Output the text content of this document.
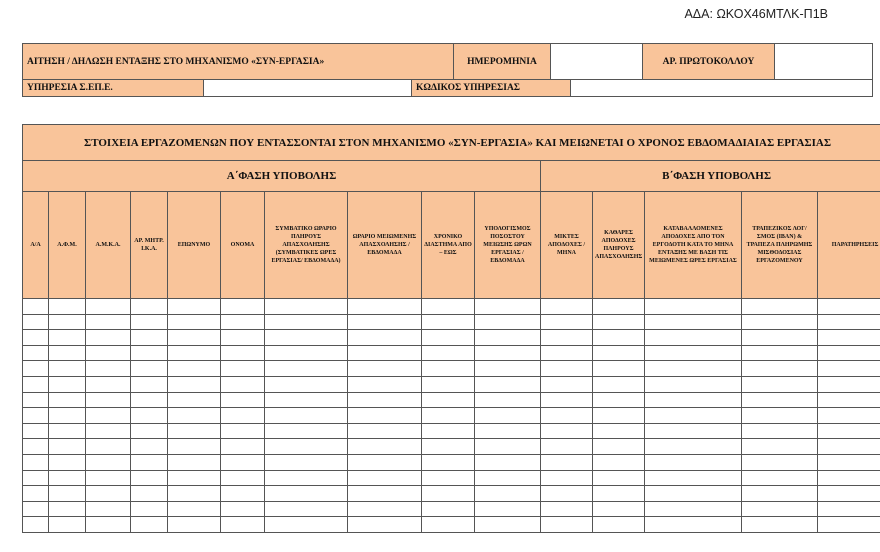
ΑΔΑ: ΩΚΟΧ46ΜΤΛΚ-Π1Β
ΑΙΤΗΣΗ / ΔΗΛΩΣΗ ΕΝΤΑΞΗΣ ΣΤΟ ΜΗΧΑΝΙΣΜΟ «ΣΥΝ-ΕΡΓΑΣΙΑ»	ΗΜΕΡΟΜΗΝΙΑ		ΑΡ. ΠΡΩΤΟΚΟΛΛΟΥ	
ΥΠΗΡΕΣΙΑ Σ.ΕΠ.Ε.		ΚΩΔΙΚΟΣ ΥΠΗΡΕΣΙΑΣ	
ΣΤΟΙΧΕΙΑ ΕΡΓΑΖΟΜΕΝΩΝ ΠΟΥ ΕΝΤΑΣΣΟΝΤΑΙ ΣΤΟΝ ΜΗΧΑΝΙΣΜΟ «ΣΥΝ-ΕΡΓΑΣΙΑ» ΚΑΙ ΜΕΙΩΝΕΤΑΙ Ο ΧΡΟΝΟΣ ΕΒΔΟΜΑΔΙΑΙΑΣ ΕΡΓΑΣΙΑΣ														
Α΄ΦΑΣΗ ΥΠΟΒΟΛΗΣ										Β΄ΦΑΣΗ ΥΠΟΒΟΛΗΣ				
Α/Α	Α.Φ.Μ.	Α.Μ.Κ.Α.	ΑΡ. ΜΗΤΡ. Ι.Κ.Α.	ΕΠΩΝΥΜΟ	ΟΝΟΜΑ	ΣΥΜΒΑΤΙΚΟ ΩΡΑΡΙΟ ΠΛΗΡΟΥΣ ΑΠΑΣΧΟΛΗΣΗΣ (ΣΥΜΒΑΤΙΚΕΣ ΩΡΕΣ ΕΡΓΑΣΙΑΣ/ ΕΒΔΟΜΑΔΑ)	ΩΡΑΡΙΟ ΜΕΙΩΜΕΝΗΣ ΑΠΑΣΧΟΛΗΣΗΣ / ΕΒΔΟΜΑΔΑ	ΧΡΟΝΙΚΟ ΔΙΑΣΤΗΜΑ ΑΠΟ – ΕΩΣ	ΥΠΟΛΟΓΙΣΜΟΣ ΠΟΣΟΣΤΟΥ ΜΕΙΩΣΗΣ ΩΡΩΝ ΕΡΓΑΣΙΑΣ / ΕΒΔΟΜΑΔΑ	ΜΙΚΤΕΣ ΑΠΟΔΟΧΕΣ / ΜΗΝΑ	ΚΑΘΑΡΕΣ ΑΠΟΔΟΧΕΣ ΠΛΗΡΟΥΣ ΑΠΑΣΧΟΛΗΣΗΣ	ΚΑΤΑΒΑΛΛΟΜΕΝΕΣ ΑΠΟΔΟΧΕΣ ΑΠΟ ΤΟΝ ΕΡΓΟΔΟΤΗ ΚΑΤΑ ΤΟ ΜΗΝΑ ΕΝΤΑΞΗΣ ΜΕ ΒΑΣΗ ΤΙΣ ΜΕΙΩΜΕΝΕΣ ΩΡΕΣ ΕΡΓΑΣΙΑΣ	ΤΡΑΠΕΖΙΚΟΣ ΛΟΓ/ΣΜΟΣ (IBAN) & ΤΡΑΠΕΖΑ ΠΛΗΡΩΜΗΣ ΜΙΣΘΟΔΟΣΙΑΣ ΕΡΓΑΖΟΜΕΝΟΥ	ΠΑΡΑΤΗΡΗΣΕΙΣ
